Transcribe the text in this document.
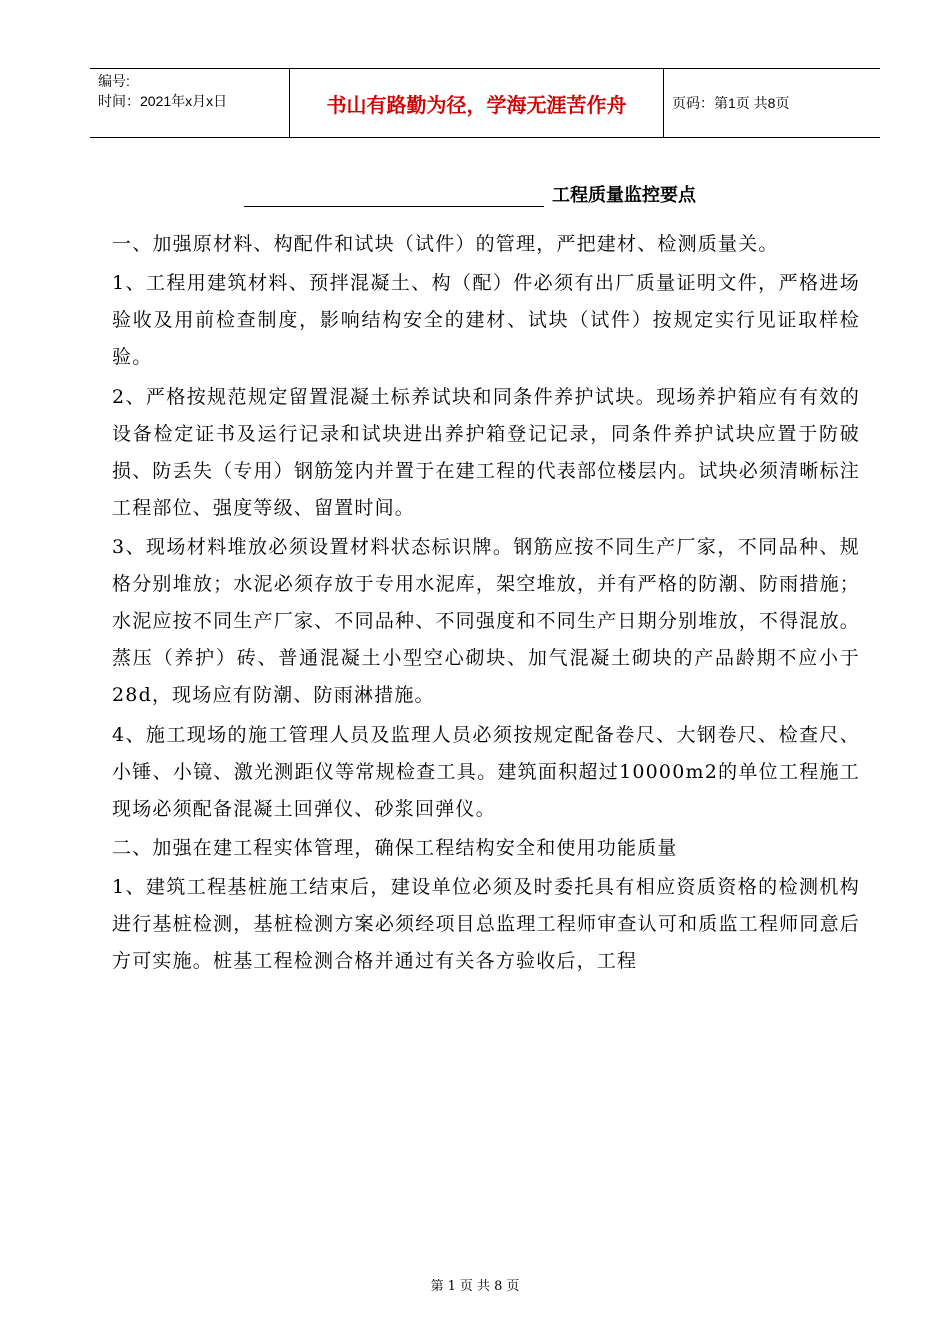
编号:
时间：2021年x月x日	书山有路勤为径，学海无涯苦作舟	页码：第1页 共8页
工程质量监控要点

一、加强原材料、构配件和试块（试件）的管理，严把建材、检测质量关。

1、工程用建筑材料、预拌混凝土、构（配）件必须有出厂质量证明文件，严格进场验收及用前检查制度，影响结构安全的建材、试块（试件）按规定实行见证取样检验。

2、严格按规范规定留置混凝土标养试块和同条件养护试块。现场养护箱应有有效的设备检定证书及运行记录和试块进出养护箱登记记录，同条件养护试块应置于防破损、防丢失（专用）钢筋笼内并置于在建工程的代表部位楼层内。试块必须清晰标注工程部位、强度等级、留置时间。

3、现场材料堆放必须设置材料状态标识牌。钢筋应按不同生产厂家，不同品种、规格分别堆放；水泥必须存放于专用水泥库，架空堆放，并有严格的防潮、防雨措施；水泥应按不同生产厂家、不同品种、不同强度和不同生产日期分别堆放，不得混放。蒸压（养护）砖、普通混凝土小型空心砌块、加气混凝土砌块的产品龄期不应小于28d，现场应有防潮、防雨淋措施。

4、施工现场的施工管理人员及监理人员必须按规定配备卷尺、大钢卷尺、检查尺、小锤、小镜、激光测距仪等常规检查工具。建筑面积超过10000m2的单位工程施工现场必须配备混凝土回弹仪、砂浆回弹仪。

二、加强在建工程实体管理，确保工程结构安全和使用功能质量

1、建筑工程基桩施工结束后，建设单位必须及时委托具有相应资质资格的检测机构进行基桩检测，基桩检测方案必须经项目总监理工程师审查认可和质监工程师同意后方可实施。桩基工程检测合格并通过有关各方验收后，工程

第 1 页 共 8 页
